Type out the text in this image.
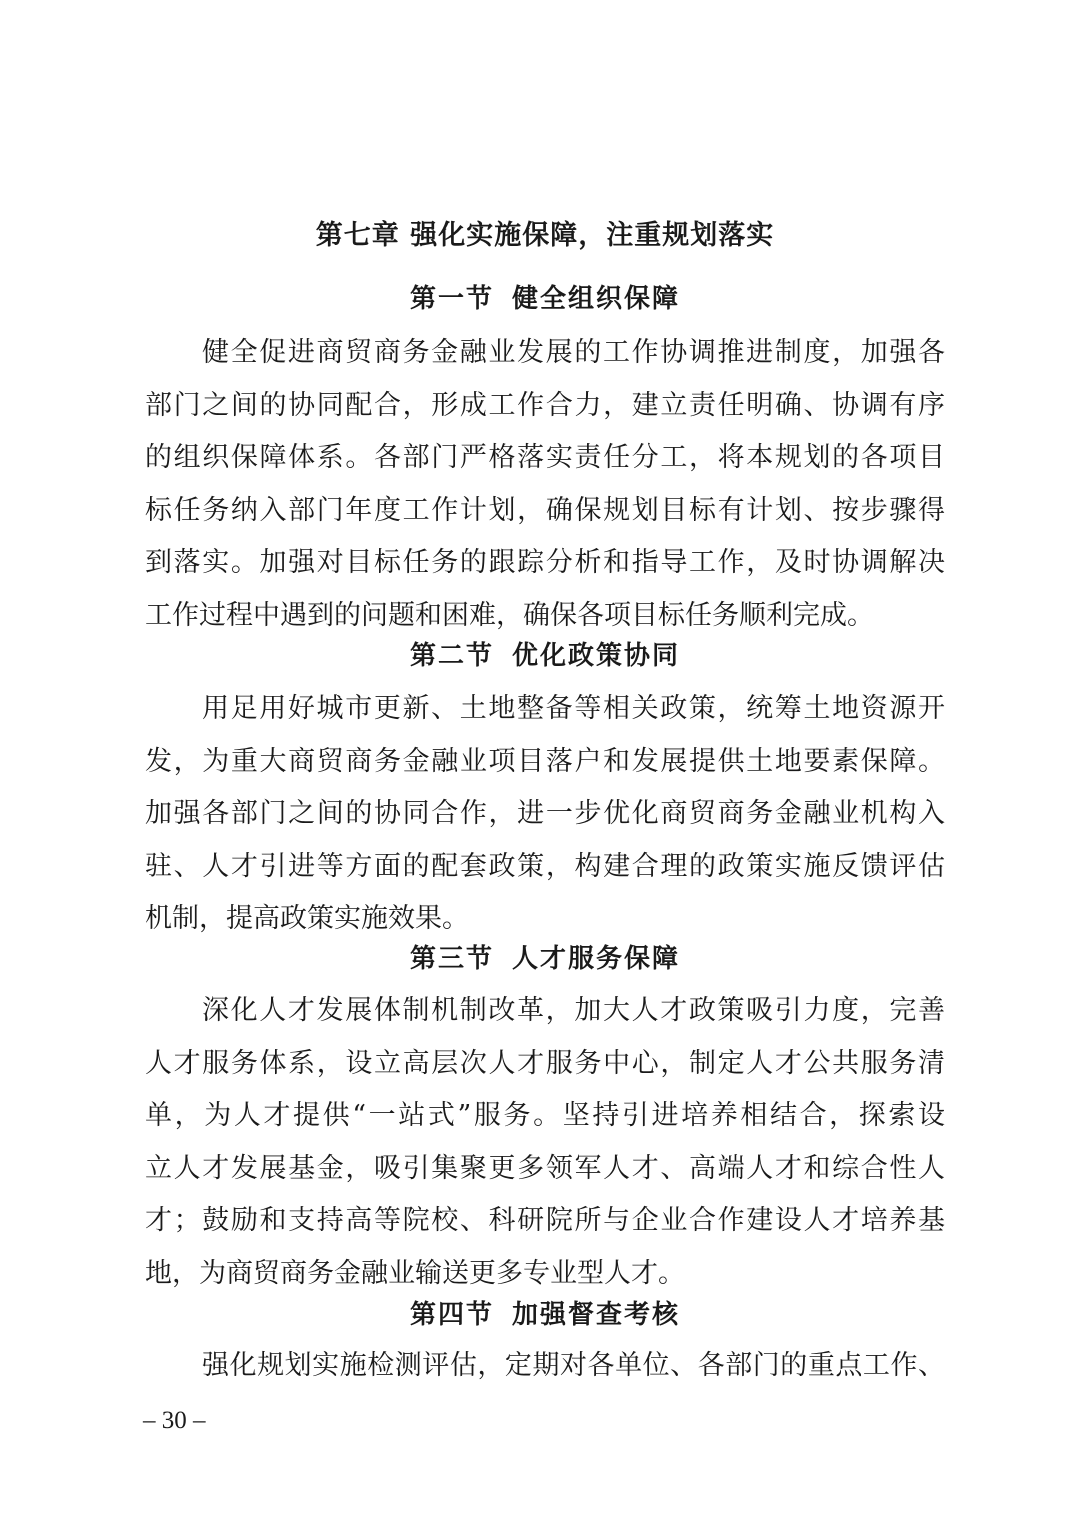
第七章 强化实施保障，注重规划落实
第一节 健全组织保障
健全促进商贸商务金融业发展的工作协调推进制度，加强各
部门之间的协同配合，形成工作合力，建立责任明确、协调有序
的组织保障体系。各部门严格落实责任分工，将本规划的各项目
标任务纳入部门年度工作计划，确保规划目标有计划、按步骤得
到落实。加强对目标任务的跟踪分析和指导工作，及时协调解决
工作过程中遇到的问题和困难，确保各项目标任务顺利完成。
第二节 优化政策协同
用足用好城市更新、土地整备等相关政策，统筹土地资源开
发，为重大商贸商务金融业项目落户和发展提供土地要素保障。
加强各部门之间的协同合作，进一步优化商贸商务金融业机构入
驻、人才引进等方面的配套政策，构建合理的政策实施反馈评估
机制，提高政策实施效果。
第三节 人才服务保障
深化人才发展体制机制改革，加大人才政策吸引力度，完善
人才服务体系，设立高层次人才服务中心，制定人才公共服务清
单，为人才提供“一站式”服务。坚持引进培养相结合，探索设
立人才发展基金，吸引集聚更多领军人才、高端人才和综合性人
才；鼓励和支持高等院校、科研院所与企业合作建设人才培养基
地，为商贸商务金融业输送更多专业型人才。
第四节 加强督查考核
强化规划实施检测评估，定期对各单位、各部门的重点工作、
– 30 –
